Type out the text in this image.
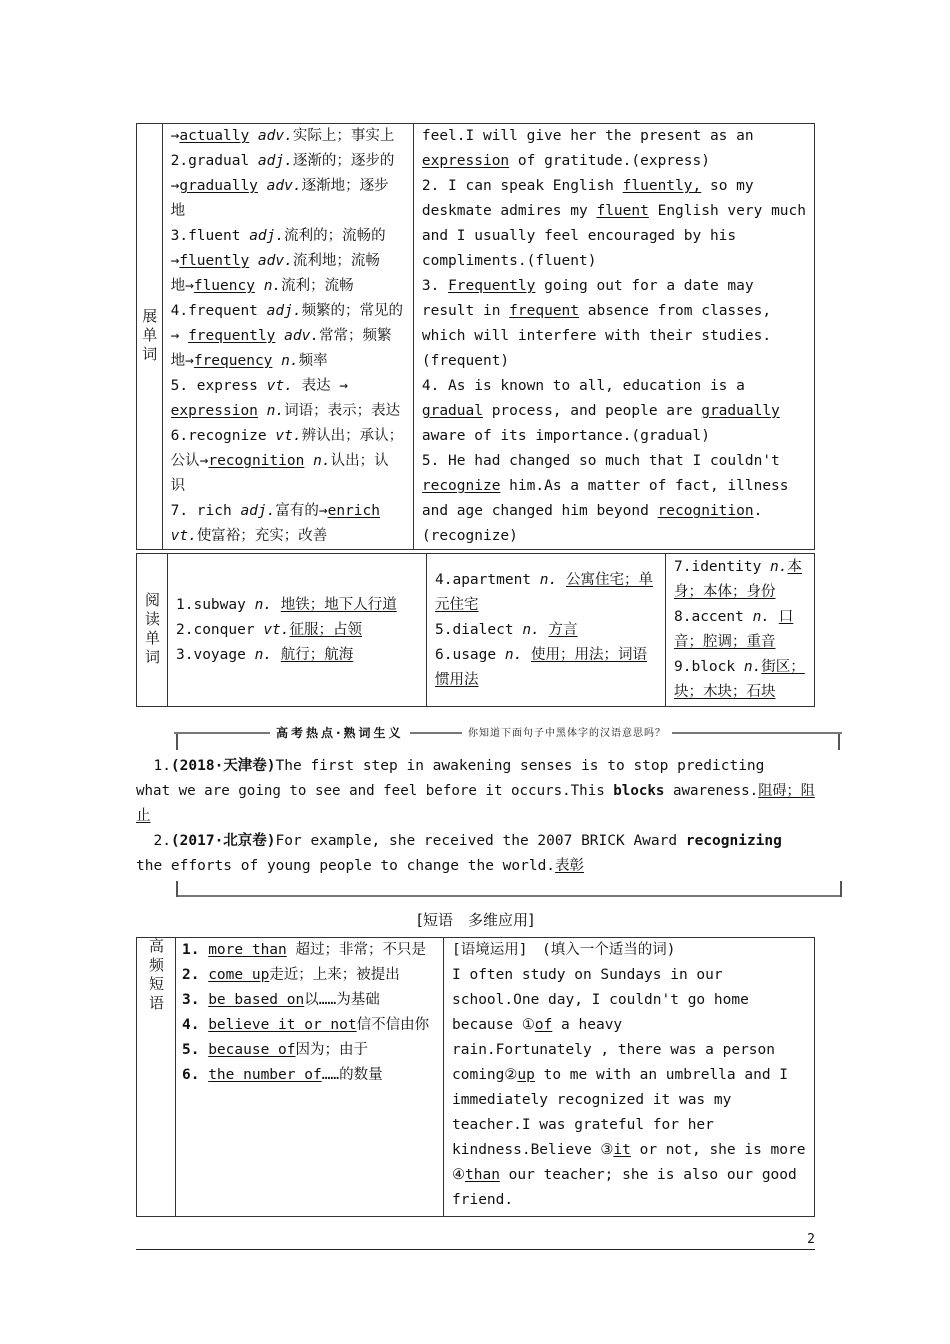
展单词

→actually adv.实际上；事实上
2.gradual adj.逐渐的；逐步的
→gradually adv.逐渐地；逐步
地
3.fluent adj.流利的；流畅的
→fluently adv.流利地；流畅
地→fluency n.流利；流畅
4.frequent adj.频繁的；常见的
→ frequently adv.常常；频繁
地→frequency n.频率
5. express vt. 表达 →
expression n.词语；表示；表达
6.recognize vt.辨认出；承认；
公认→recognition n.认出；认
识
7. rich adj.富有的→enrich
vt.使富裕；充实；改善

feel.I will give her the present as an
expression of gratitude.(express)
2. I can speak English fluently, so my
deskmate admires my fluent English very much
and I usually feel encouraged by his
compliments.(fluent)
3. Frequently going out for a date may
result in frequent absence from classes,
which will interfere with their studies.
(frequent)
4. As is known to all, education is a
gradual process, and people are gradually
aware of its importance.(gradual)
5. He had changed so much that I couldn't
recognize him.As a matter of fact, illness
and age changed him beyond recognition.
(recognize)
阅读单词	1.subway n. 地铁；地下人行道
2.conquer vt.征服；占领
3.voyage n. 航行；航海

4.apartment n. 公寓住宅；单
元住宅
5.dialect n. 方言
6.usage n. 使用；用法；词语
惯用法

7.identity n.本
身；本体；身份
8.accent n. 口
音；腔调；重音
9.block n.街区；
块；木块；石块
高考热点·熟词生义	你知道下面句子中黑体字的汉语意思吗？
1.(2018·天津卷)The first step in awakening senses is to stop predicting
what we are going to see and feel before it occurs.This blocks awareness.阻碍；阻
止
2.(2017·北京卷)For example, she received the 2007 BRICK Award recognizing
the efforts of young people to change the world.表彰
[短语　多维应用]
高频短语	1. more than 超过；非常；不只是
2. come up走近；上来；被提出
3. be based on以……为基础
4. believe it or not信不信由你
5. because of因为；由于
6. the number of……的数量

[语境运用]　(填入一个适当的词)
I often study on Sundays in our
school.One day, I couldn't go home
because ①of a heavy
rain.Fortunately , there was a person
coming②up to me with an umbrella and I
immediately recognized it was my
teacher.I was grateful for her
kindness.Believe ③it or not, she is more
④than our teacher; she is also our good
friend.
2
